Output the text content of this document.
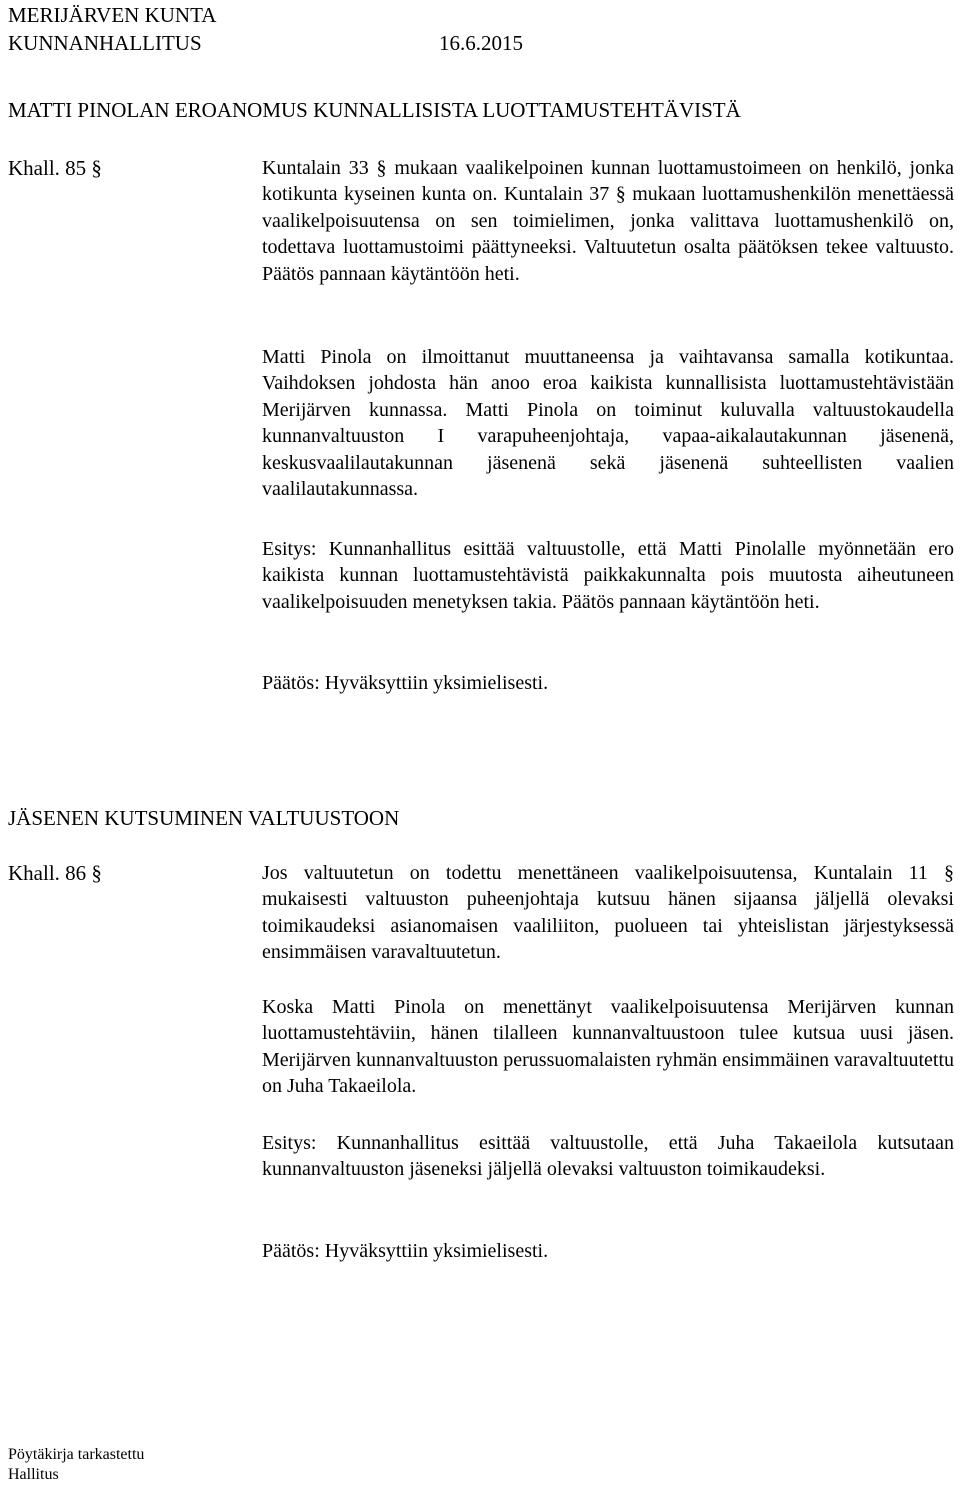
MERIJÄRVEN KUNTA
KUNNANHALLITUS	16.6.2015
MATTI PINOLAN EROANOMUS KUNNALLISISTA LUOTTAMUSTEHTÄVISTÄ
Khall. 85 §	Kuntalain 33 § mukaan vaalikelpoinen kunnan luottamustoimeen on henkilö, jonka kotikunta kyseinen kunta on. Kuntalain 37 § mukaan luottamushenkilön menettäessä vaalikelpoisuutensa on sen toimielimen, jonka valittava luottamushenkilö on, todettava luottamustoimi päättyneeksi. Valtuutetun osalta päätöksen tekee valtuusto. Päätös pannaan käytäntöön heti.

Matti Pinola on ilmoittanut muuttaneensa ja vaihtavansa samalla kotikuntaa. Vaihdoksen johdosta hän anoo eroa kaikista kunnallisista luottamustehtävistään Merijärven kunnassa. Matti Pinola on toiminut kuluvalla valtuustokaudella kunnanvaltuuston I varapuheenjohtaja, vapaa-aikalautakunnan jäsenenä, keskusvaalilautakunnan jäsenenä sekä jäsenenä suhteellisten vaalien vaalilautakunnassa.

Esitys: Kunnanhallitus esittää valtuustolle, että Matti Pinolalle myönnetään ero kaikista kunnan luottamustehtävistä paikkakunnalta pois muutosta aiheutuneen vaalikelpoisuuden menetyksen takia. Päätös pannaan käytäntöön heti.

Päätös: Hyväksyttiin yksimielisesti.

JÄSENEN KUTSUMINEN VALTUUSTOON
Khall. 86 §	Jos valtuutetun on todettu menettäneen vaalikelpoisuutensa, Kuntalain 11 § mukaisesti valtuuston puheenjohtaja kutsuu hänen sijaansa jäljellä olevaksi toimikaudeksi asianomaisen vaaliliiton, puolueen tai yhteislistan järjestyksessä ensimmäisen varavaltuutetun.

Koska Matti Pinola on menettänyt vaalikelpoisuutensa Merijärven kunnan luottamustehtäviin, hänen tilalleen kunnanvaltuustoon tulee kutsua uusi jäsen. Merijärven kunnanvaltuuston perussuomalaisten ryhmän ensimmäinen varavaltuutettu on Juha Takaeilola.

Esitys: Kunnanhallitus esittää valtuustolle, että Juha Takaeilola kutsutaan kunnanvaltuuston jäseneksi jäljellä olevaksi valtuuston toimikaudeksi.

Päätös: Hyväksyttiin yksimielisesti.

Pöytäkirja tarkastettu
Hallitus
